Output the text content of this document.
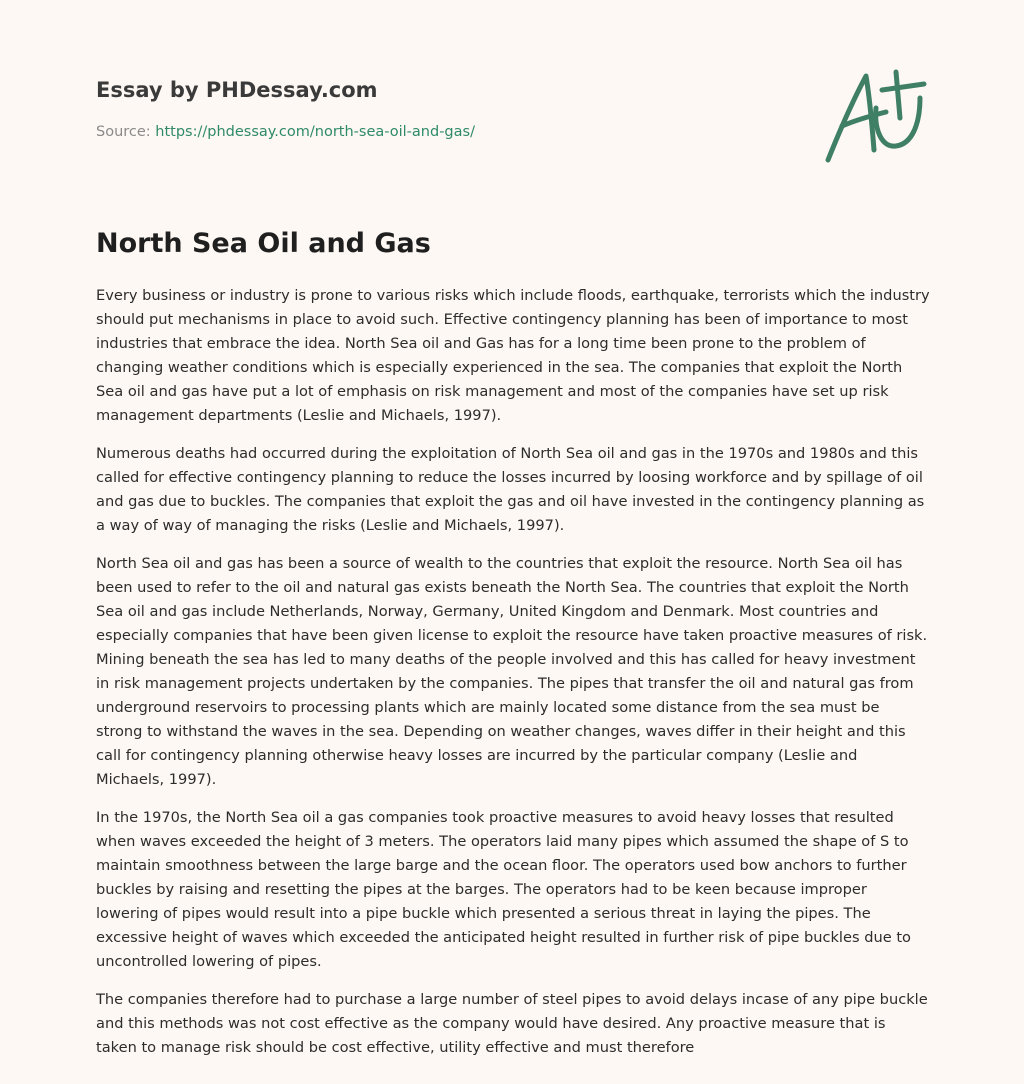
Essay by PHDessay.com
Source: https://phdessay.com/north-sea-oil-and-gas/
North Sea Oil and Gas

Every business or industry is prone to various risks which include floods, earthquake, terrorists which the industry should put mechanisms in place to avoid such. Effective contingency planning has been of importance to most industries that embrace the idea. North Sea oil and Gas has for a long time been prone to the problem of changing weather conditions which is especially experienced in the sea. The companies that exploit the North Sea oil and gas have put a lot of emphasis on risk management and most of the companies have set up risk management departments (Leslie and Michaels, 1997).

Numerous deaths had occurred during the exploitation of North Sea oil and gas in the 1970s and 1980s and this called for effective contingency planning to reduce the losses incurred by loosing workforce and by spillage of oil and gas due to buckles. The companies that exploit the gas and oil have invested in the contingency planning as a way of way of managing the risks (Leslie and Michaels, 1997).

North Sea oil and gas has been a source of wealth to the countries that exploit the resource. North Sea oil has been used to refer to the oil and natural gas exists beneath the North Sea. The countries that exploit the North Sea oil and gas include Netherlands, Norway, Germany, United Kingdom and Denmark. Most countries and especially companies that have been given license to exploit the resource have taken proactive measures of risk. Mining beneath the sea has led to many deaths of the people involved and this has called for heavy investment in risk management projects undertaken by the companies. The pipes that transfer the oil and natural gas from underground reservoirs to processing plants which are mainly located some distance from the sea must be strong to withstand the waves in the sea. Depending on weather changes, waves differ in their height and this call for contingency planning otherwise heavy losses are incurred by the particular company (Leslie and Michaels, 1997).

In the 1970s, the North Sea oil a gas companies took proactive measures to avoid heavy losses that resulted when waves exceeded the height of 3 meters. The operators laid many pipes which assumed the shape of S to maintain smoothness between the large barge and the ocean floor. The operators used bow anchors to further buckles by raising and resetting the pipes at the barges. The operators had to be keen because improper lowering of pipes would result into a pipe buckle which presented a serious threat in laying the pipes. The excessive height of waves which exceeded the anticipated height resulted in further risk of pipe buckles due to uncontrolled lowering of pipes.

The companies therefore had to purchase a large number of steel pipes to avoid delays incase of any pipe buckle and this methods was not cost effective as the company would have desired. Any proactive measure that is taken to manage risk should be cost effective, utility effective and must therefore
